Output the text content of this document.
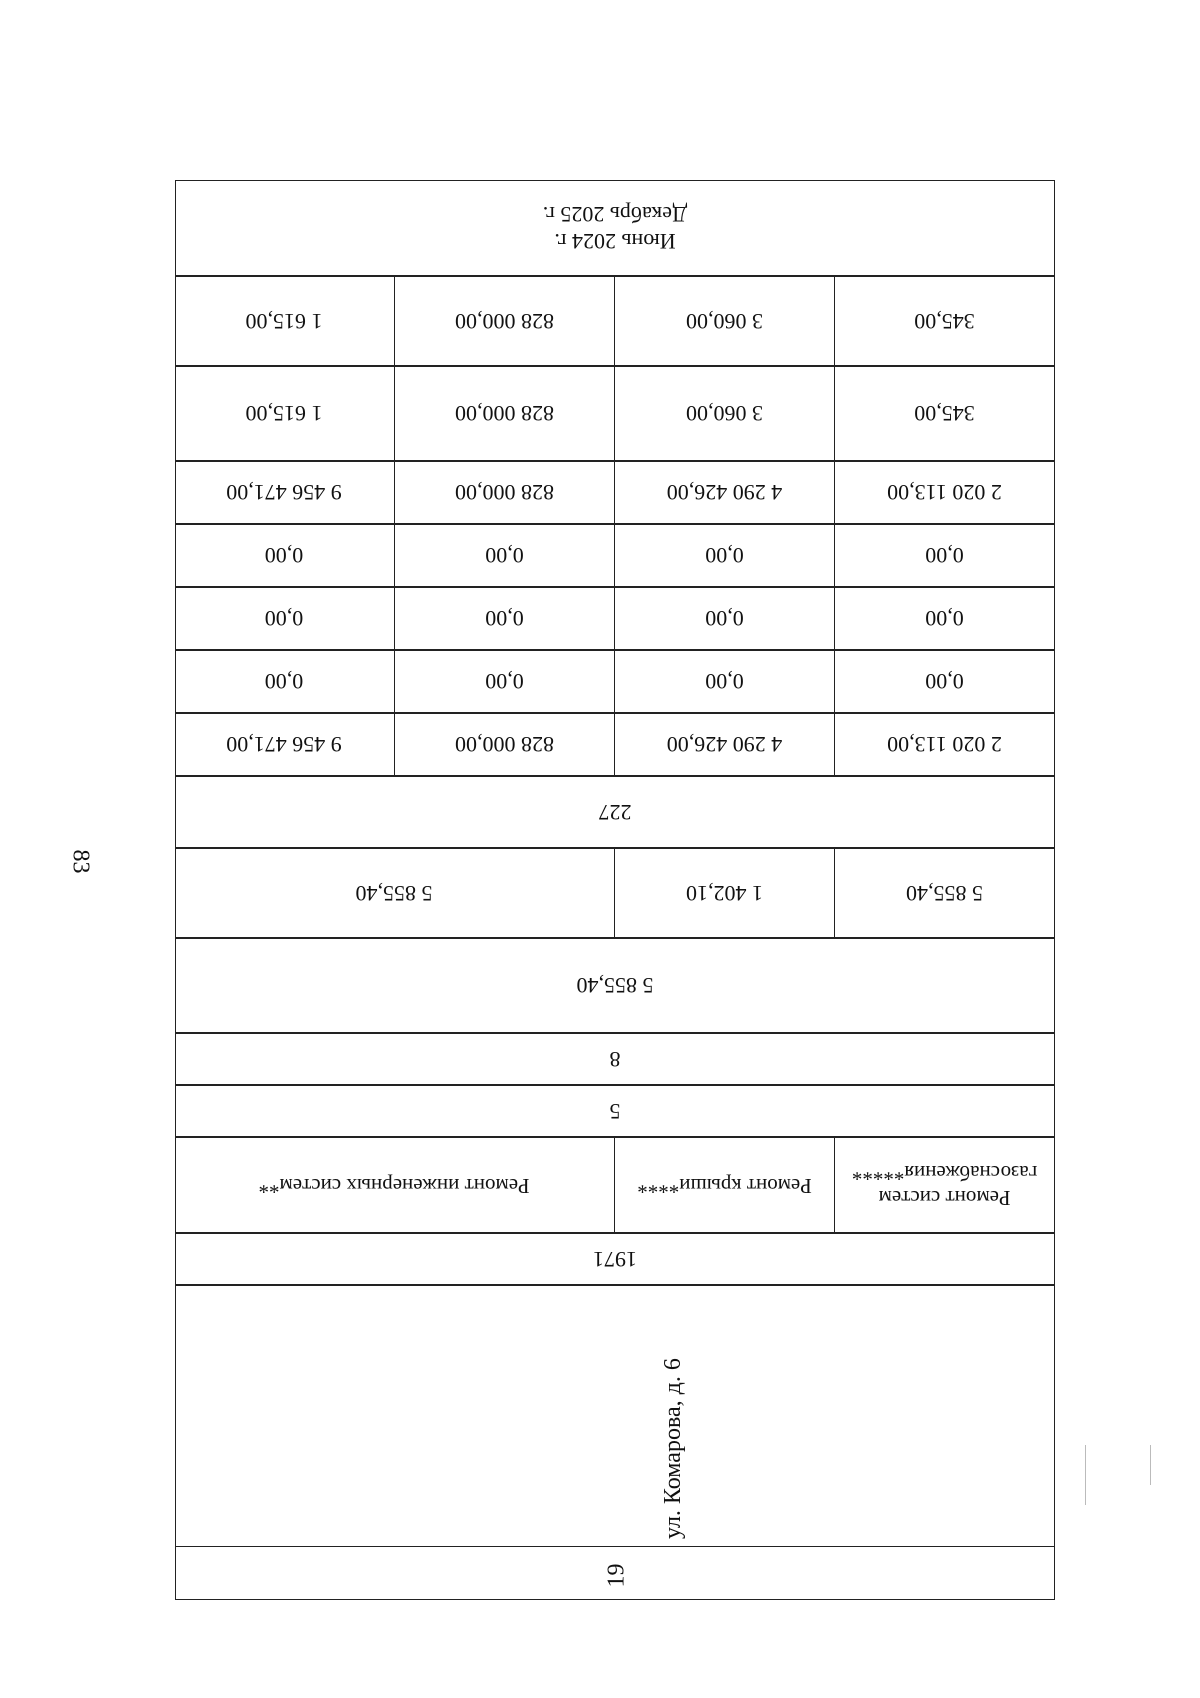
83
19
ул. Комарова, д. 6
1971
Ремонт систем газоснабжения*****
Ремонт крыши****
Ремонт инженерных систем**
5
8
5 855,40
5 855,40
1 402,10
5 855,40
227
2 020 113,00
4 290 426,00
828 000,00
9 456 471,00
0,00
0,00
0,00
0,00
0,00
0,00
0,00
0,00
0,00
0,00
0,00
0,00
2 020 113,00
4 290 426,00
828 000,00
9 456 471,00
345,00
3 060,00
828 000,00
1 615,00
345,00
3 060,00
828 000,00
1 615,00
Июнь 2024 г.
Декабрь 2025 г.
